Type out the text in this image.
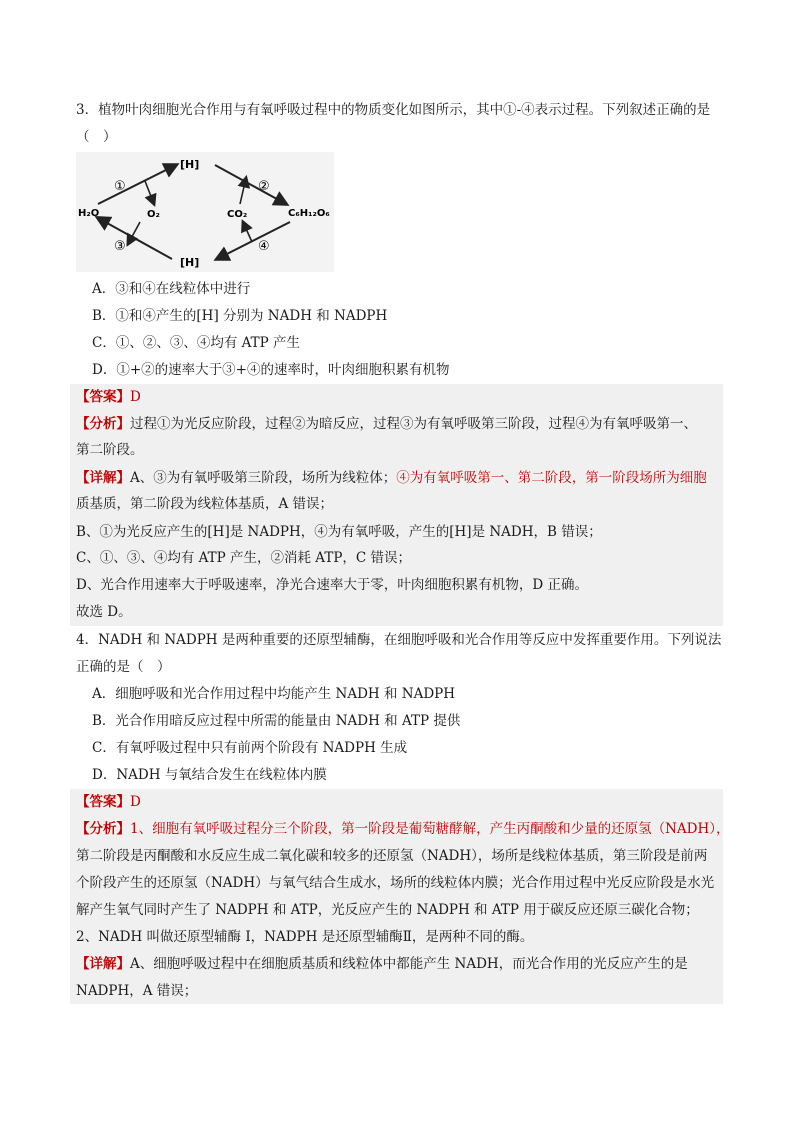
3．植物叶肉细胞光合作用与有氧呼吸过程中的物质变化如图所示，其中①-④表示过程。下列叙述正确的是
（　）
H₂O
[H]
[H]
O₂	CO₂	C₆H₁₂O₆
①	②
③	④
A．③和④在线粒体中进行
B．①和④产生的[H] 分别为 NADH 和 NADPH
C．①、②、③、④均有 ATP 产生
D．①+②的速率大于③+④的速率时，叶肉细胞积累有机物
【答案】D
【分析】过程①为光反应阶段，过程②为暗反应，过程③为有氧呼吸第三阶段，过程④为有氧呼吸第一、
第二阶段。
【详解】A、③为有氧呼吸第三阶段，场所为线粒体；④为有氧呼吸第一、第二阶段，第一阶段场所为细胞
质基质，第二阶段为线粒体基质，A 错误；
B、①为光反应产生的[H]是 NADPH，④为有氧呼吸，产生的[H]是 NADH，B 错误；
C、①、③、④均有 ATP 产生，②消耗 ATP，C 错误；
D、光合作用速率大于呼吸速率，净光合速率大于零，叶肉细胞积累有机物，D 正确。
故选 D。
4．NADH 和 NADPH 是两种重要的还原型辅酶，在细胞呼吸和光合作用等反应中发挥重要作用。下列说法
正确的是（　）
A．细胞呼吸和光合作用过程中均能产生 NADH 和 NADPH
B．光合作用暗反应过程中所需的能量由 NADH 和 ATP 提供
C．有氧呼吸过程中只有前两个阶段有 NADPH 生成
D．NADH 与氧结合发生在线粒体内膜
【答案】D
【分析】1、细胞有氧呼吸过程分三个阶段，第一阶段是葡萄糖酵解，产生丙酮酸和少量的还原氢（NADH），
第二阶段是丙酮酸和水反应生成二氧化碳和较多的还原氢（NADH），场所是线粒体基质，第三阶段是前两
个阶段产生的还原氢（NADH）与氧气结合生成水，场所的线粒体内膜；光合作用过程中光反应阶段是水光
解产生氧气同时产生了 NADPH 和 ATP，光反应产生的 NADPH 和 ATP 用于碳反应还原三碳化合物；
2、NADH 叫做还原型辅酶 I，NADPH 是还原型辅酶Ⅱ，是两种不同的酶。
【详解】A、细胞呼吸过程中在细胞质基质和线粒体中都能产生 NADH，而光合作用的光反应产生的是
NADPH，A 错误；
